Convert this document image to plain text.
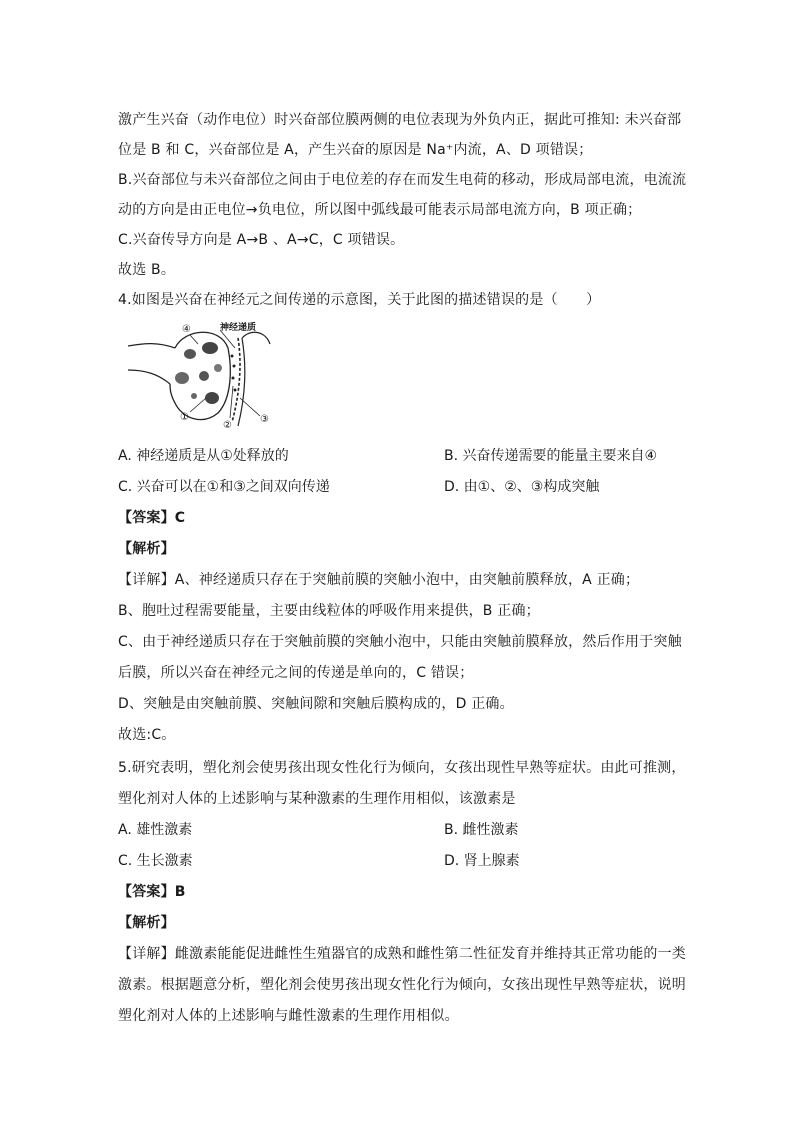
激产生兴奋（动作电位）时兴奋部位膜两侧的电位表现为外负内正，据此可推知: 未兴奋部
位是 B 和 C，兴奋部位是 A，产生兴奋的原因是 Na⁺内流，A、D 项错误；
B.兴奋部位与未兴奋部位之间由于电位差的存在而发生电荷的移动，形成局部电流，电流流
动的方向是由正电位→负电位，所以图中弧线最可能表示局部电流方向，B 项正确；
C.兴奋传导方向是 A→B 、A→C，C 项错误。
故选 B。
4.如图是兴奋在神经元之间传递的示意图，关于此图的描述错误的是（　　）
④	神经递质
①
②
③
A. 神经递质是从①处释放的	B. 兴奋传递需要的能量主要来自④
C. 兴奋可以在①和③之间双向传递	D. 由①、②、③构成突触
【答案】C
【解析】
【详解】A、神经递质只存在于突触前膜的突触小泡中，由突触前膜释放，A 正确；
B、胞吐过程需要能量，主要由线粒体的呼吸作用来提供，B 正确；
C、由于神经递质只存在于突触前膜的突触小泡中，只能由突触前膜释放，然后作用于突触
后膜，所以兴奋在神经元之间的传递是单向的，C 错误；
D、突触是由突触前膜、突触间隙和突触后膜构成的，D 正确。
故选:C。
5.研究表明，塑化剂会使男孩出现女性化行为倾向，女孩出现性早熟等症状。由此可推测，
塑化剂对人体的上述影响与某种激素的生理作用相似，该激素是
A. 雄性激素	B. 雌性激素
C. 生长激素	D. 肾上腺素
【答案】B
【解析】
【详解】雌激素能能促进雌性生殖器官的成熟和雌性第二性征发育并维持其正常功能的一类
激素。根据题意分析，塑化剂会使男孩出现女性化行为倾向，女孩出现性早熟等症状，说明
塑化剂对人体的上述影响与雌性激素的生理作用相似。
